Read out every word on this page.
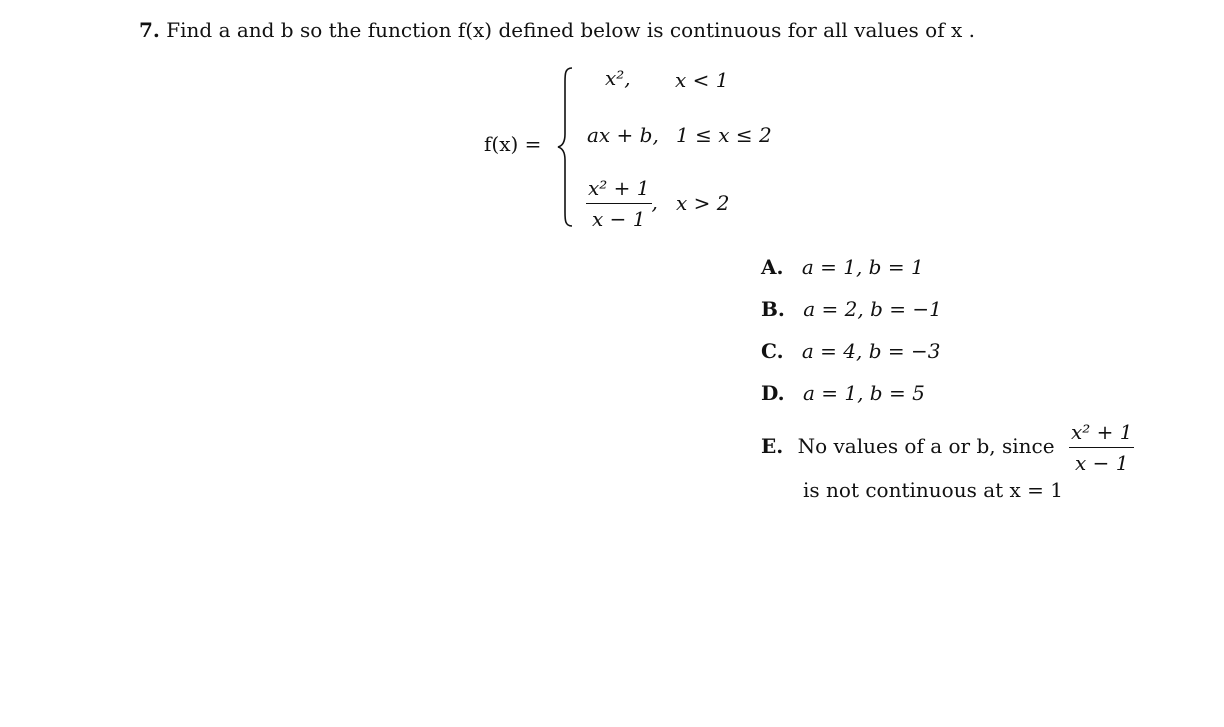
7. Find a and b so the function f(x) defined below is continuous for all values of x .
f(x) =
x², x < 1
ax + b, 1 ≤ x ≤ 2
$\frac{\text{x² + 1}}{x - 1}$ , x > 2
A. a = 1, b = 1
B. a = 2, b = −1
C. a = 4, b = −3
D. a = 1, b = 5
E. No values of a or b, since $\frac{\text{x² + 1}}{x - 1}$
is not continuous at x = 1
